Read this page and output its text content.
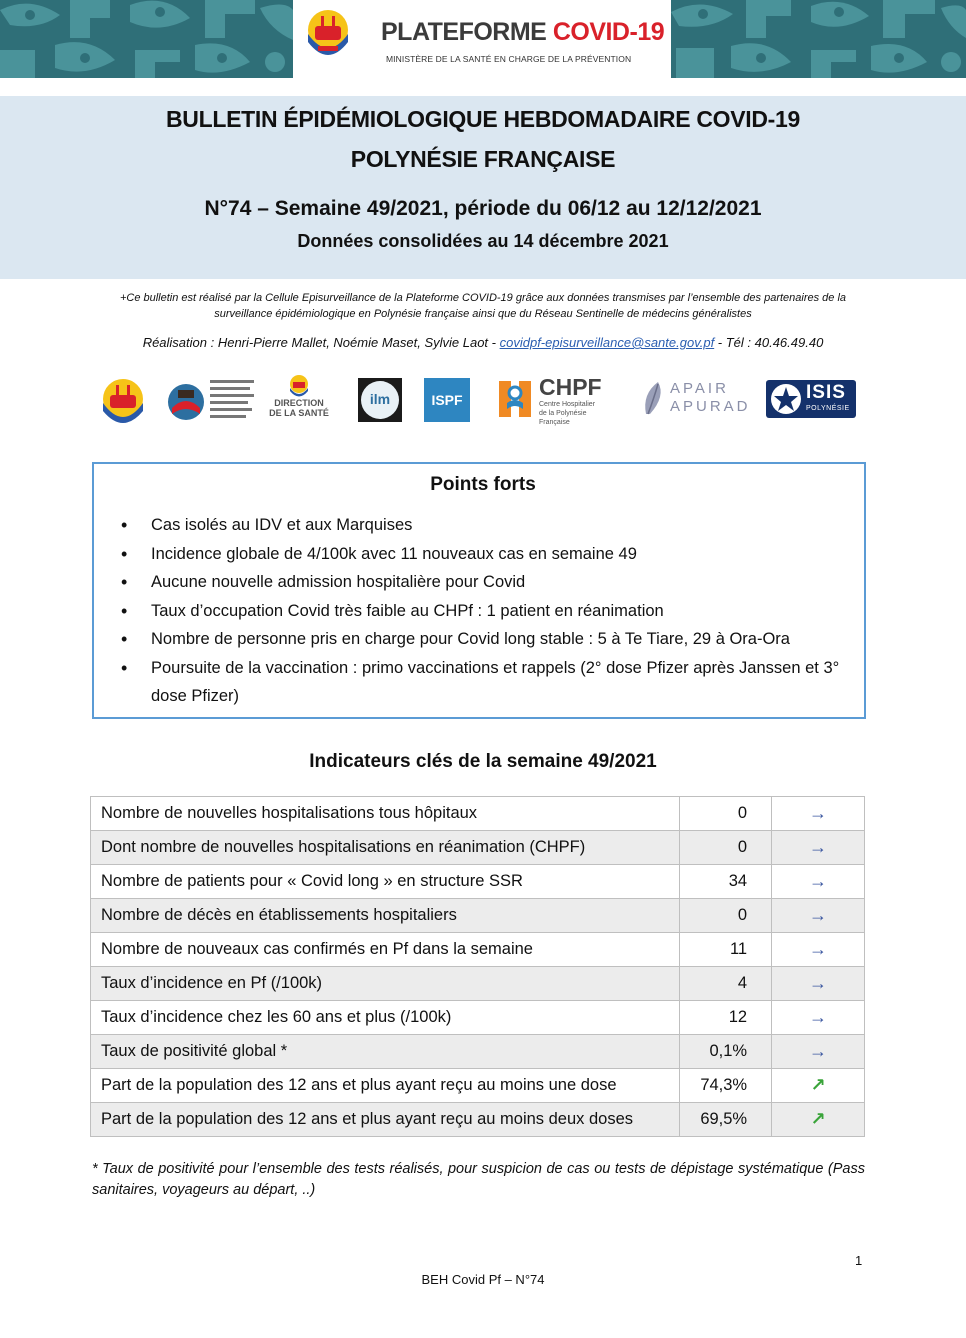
PLATEFORME COVID-19
MINISTÈRE DE LA SANTÉ EN CHARGE DE LA PRÉVENTION
BULLETIN ÉPIDÉMIOLOGIQUE HEBDOMADAIRE COVID-19
POLYNÉSIE FRANÇAISE
N°74 – Semaine 49/2021, période du 06/12 au 12/12/2021
Données consolidées au 14 décembre 2021
+Ce bulletin est réalisé par la Cellule Episurveillance de la Plateforme COVID-19 grâce aux données transmises par l’ensemble des partenaires de la
surveillance épidémiologique en Polynésie française ainsi que du Réseau Sentinelle de médecins généralistes
Réalisation : Henri-Pierre Mallet, Noémie Maset, Sylvie Laot - covidpf-episurveillance@sante.gov.pf - Tél : 40.46.49.40
DIRECTION
DE LA SANTÉ
ilm	ISPF	CHPF
Centre Hospitalier
de la Polynésie Française
APAIR
APURAD
ISIS
POLYNÉSIE
Points forts
• Cas isolés au IDV et aux Marquises
• Incidence globale de 4/100k avec 11 nouveaux cas en semaine 49
• Aucune nouvelle admission hospitalière pour Covid
• Taux d’occupation Covid très faible au CHPf : 1 patient en réanimation
• Nombre de personne pris en charge pour Covid long stable : 5 à Te Tiare, 29 à Ora-Ora
• Poursuite de la vaccination : primo vaccinations et rappels (2° dose Pfizer après Janssen et 3° dose Pfizer)
Indicateurs clés de la semaine 49/2021
Nombre de nouvelles hospitalisations tous hôpitaux	0	→
Dont nombre de nouvelles hospitalisations en réanimation (CHPF)	0	→
Nombre de patients pour « Covid long » en structure SSR	34	→
Nombre de décès en établissements hospitaliers	0	→
Nombre de nouveaux cas confirmés en Pf dans la semaine	11	→
Taux d’incidence en Pf (/100k)	4	→
Taux d’incidence chez les 60 ans et plus (/100k)	12	→
Taux de positivité global *	0,1%	→
Part de la population des 12 ans et plus ayant reçu au moins une dose	74,3%	↗
Part de la population des 12 ans et plus ayant reçu au moins deux doses	69,5%	↗
* Taux de positivité pour l’ensemble des tests réalisés, pour suspicion de cas ou tests de dépistage systématique (Pass sanitaires, voyageurs au départ, ..)
1
BEH Covid Pf – N°74
